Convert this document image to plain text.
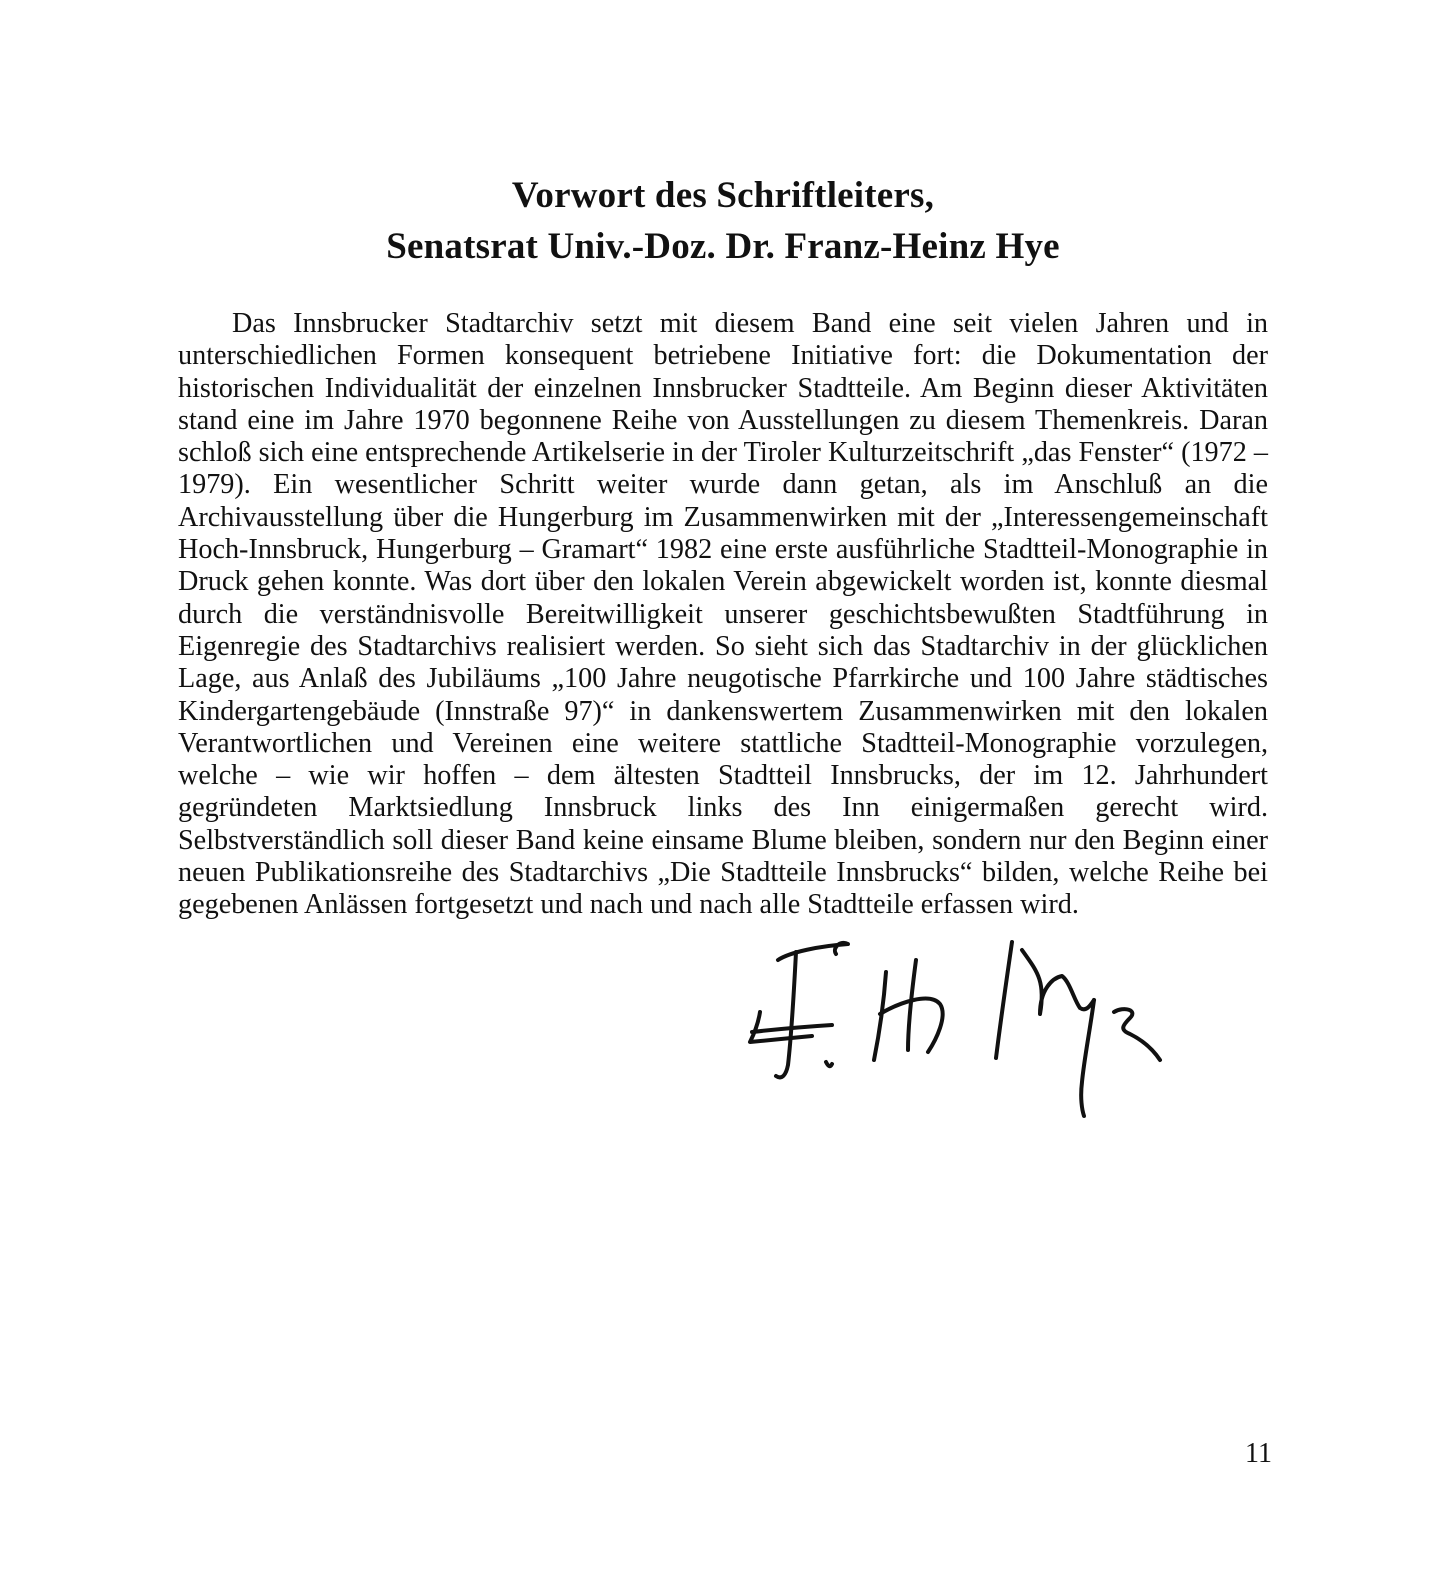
Vorwort des Schriftleiters,
Senatsrat Univ.-Doz. Dr. Franz-Heinz Hye

Das Innsbrucker Stadtarchiv setzt mit diesem Band eine seit vielen Jahren und in unterschiedlichen Formen konsequent betriebene Initiative fort: die Dokumentation der historischen Individualität der einzelnen Innsbrucker Stadtteile. Am Beginn dieser Aktivitäten stand eine im Jahre 1970 begonnene Reihe von Ausstellungen zu diesem Themenkreis. Daran schloß sich eine entsprechende Artikelserie in der Tiroler Kulturzeitschrift „das Fenster“ (1972 – 1979). Ein wesentlicher Schritt weiter wurde dann getan, als im Anschluß an die Archivausstellung über die Hungerburg im Zusammenwirken mit der „Interessengemeinschaft Hoch-Innsbruck, Hungerburg – Gramart“ 1982 eine erste ausführliche Stadtteil-Monographie in Druck gehen konnte. Was dort über den lokalen Verein abgewickelt worden ist, konnte diesmal durch die verständnisvolle Bereitwilligkeit unserer geschichtsbewußten Stadtführung in Eigenregie des Stadtarchivs realisiert werden. So sieht sich das Stadtarchiv in der glücklichen Lage, aus Anlaß des Jubiläums „100 Jahre neugotische Pfarrkirche und 100 Jahre städtisches Kindergartengebäude (Innstraße 97)“ in dankenswertem Zusammenwirken mit den lokalen Verantwortlichen und Vereinen eine weitere stattliche Stadtteil-Monographie vorzulegen, welche – wie wir hoffen – dem ältesten Stadtteil Innsbrucks, der im 12. Jahrhundert gegründeten Marktsiedlung Innsbruck links des Inn einigermaßen gerecht wird. Selbstverständlich soll dieser Band keine einsame Blume bleiben, sondern nur den Beginn einer neuen Publikationsreihe des Stadtarchivs „Die Stadtteile Innsbrucks“ bilden, welche Reihe bei gegebenen Anlässen fortgesetzt und nach und nach alle Stadtteile erfassen wird.

11
